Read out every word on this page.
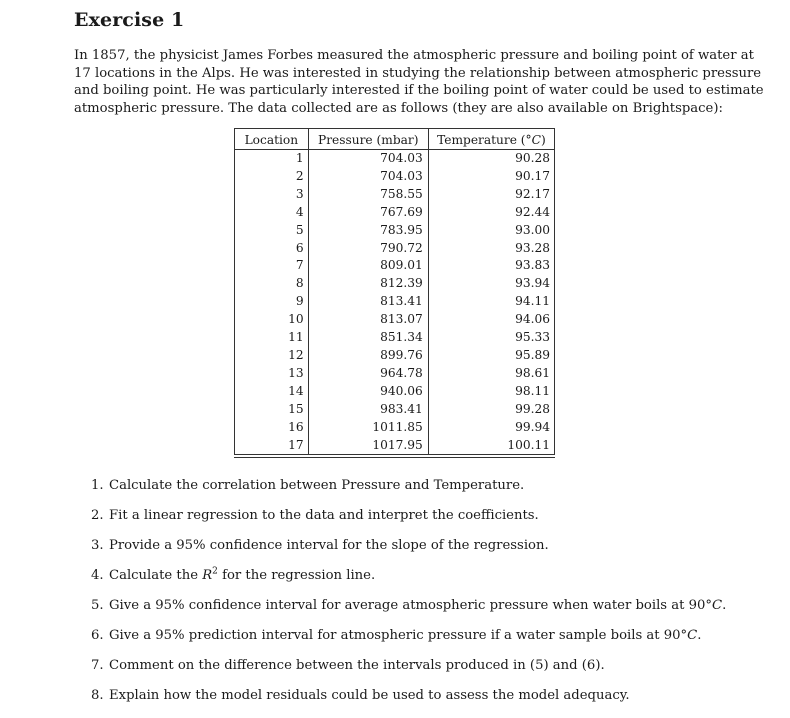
Exercise 1
In 1857, the physicist James Forbes measured the atmospheric pressure and boiling point of water at
17 locations in the Alps. He was interested in studying the relationship between atmospheric pressure
and boiling point. He was particularly interested if the boiling point of water could be used to estimate
atmospheric pressure. The data collected are as follows (they are also available on Brightspace):
Location	Pressure (mbar)	Temperature (°C)
1	704.03	90.28
2	704.03	90.17
3	758.55	92.17
4	767.69	92.44
5	783.95	93.00
6	790.72	93.28
7	809.01	93.83
8	812.39	93.94
9	813.41	94.11
10	813.07	94.06
11	851.34	95.33
12	899.76	95.89
13	964.78	98.61
14	940.06	98.11
15	983.41	99.28
16	1011.85	99.94
17	1017.95	100.11
1. Calculate the correlation between Pressure and Temperature.
2. Fit a linear regression to the data and interpret the coefficients.
3. Provide a 95% confidence interval for the slope of the regression.
4. Calculate the $R^2$ for the regression line.
5. Give a 95% confidence interval for average atmospheric pressure when water boils at 90°C.
6. Give a 95% prediction interval for atmospheric pressure if a water sample boils at 90°C.
7. Comment on the difference between the intervals produced in (5) and (6).
8. Explain how the model residuals could be used to assess the model adequacy.
